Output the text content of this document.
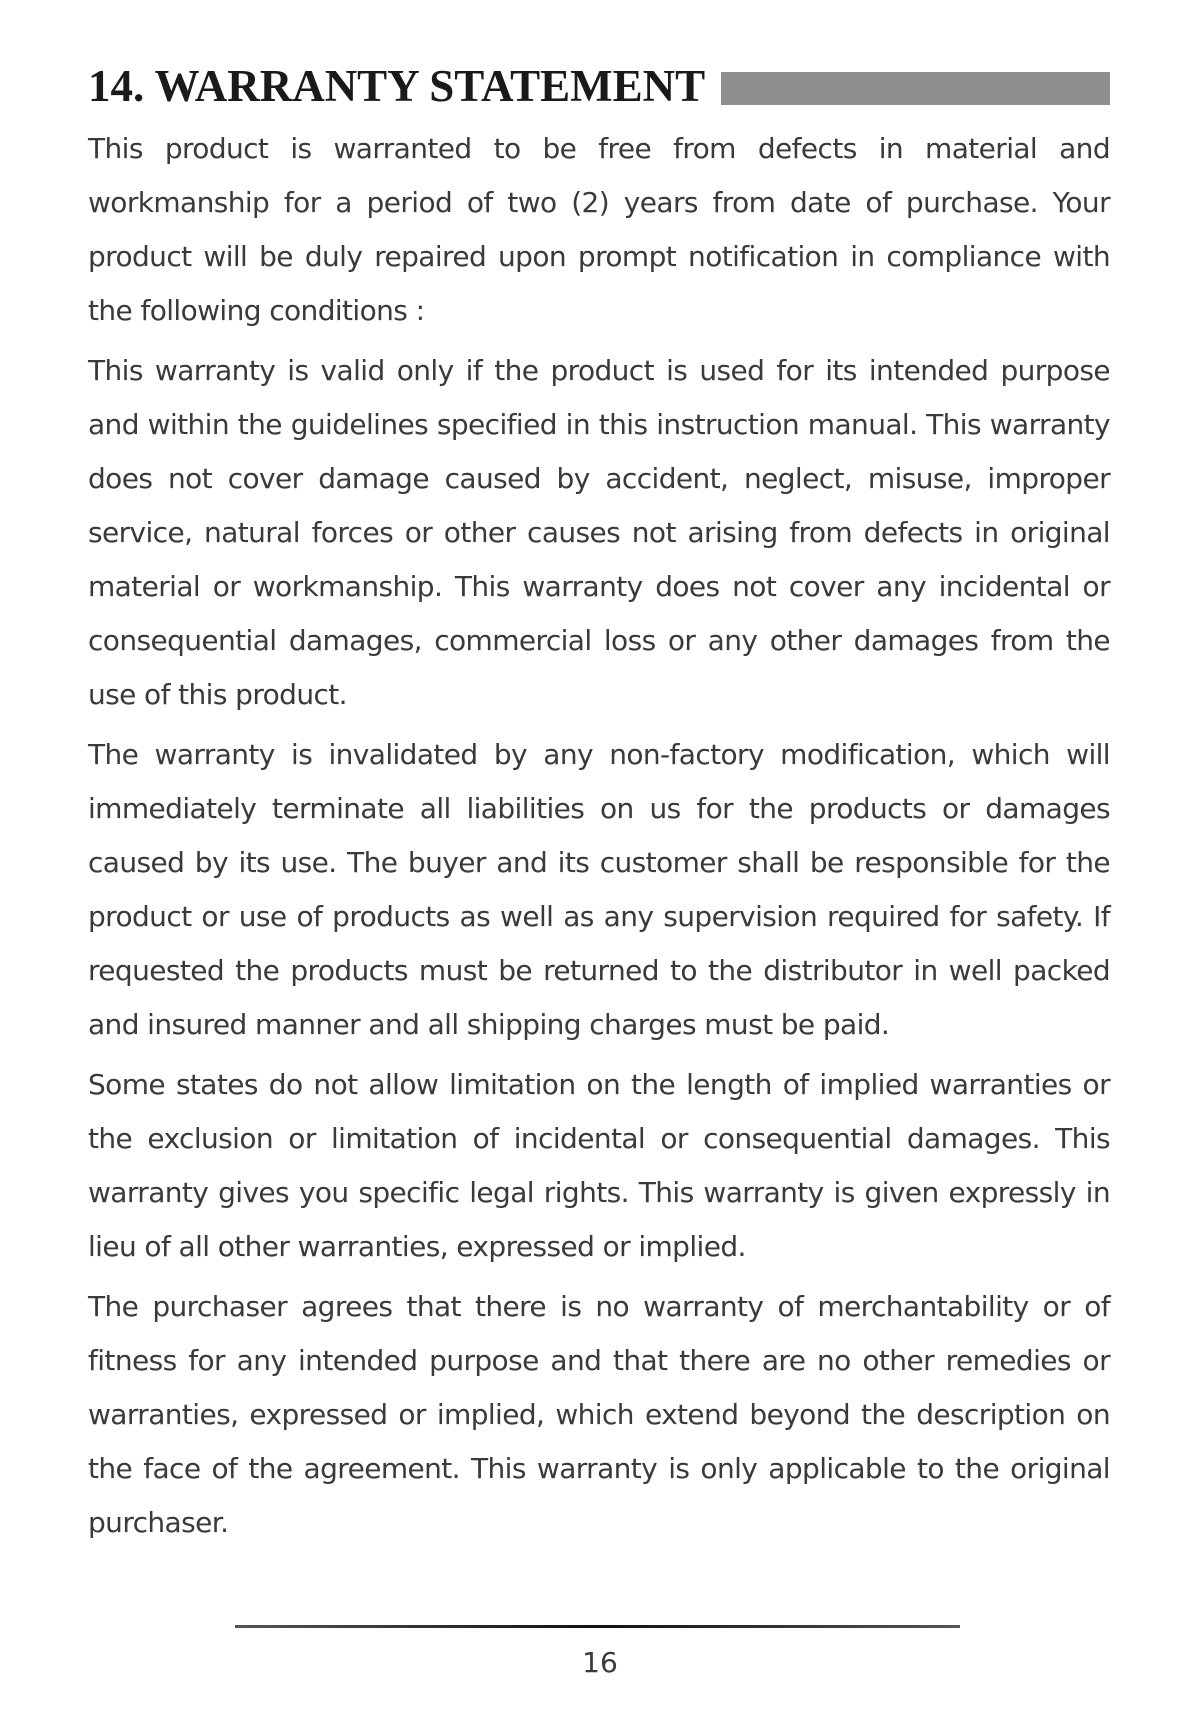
14. WARRANTY STATEMENT

This product is warranted to be free from defects in material and workmanship for a period of two (2) years from date of purchase. Your product will be duly repaired upon prompt notification in compliance with the following conditions :

This warranty is valid only if the product is used for its intended purpose and within the guidelines specified in this instruction manual. This warranty does not cover damage caused by accident, neglect, misuse, improper service, natural forces or other causes not arising from defects in original material or workmanship. This warranty does not cover any incidental or consequential damages, commercial loss or any other damages from the use of this product.

The warranty is invalidated by any non-factory modification, which will immediately terminate all liabilities on us for the products or damages caused by its use. The buyer and its customer shall be responsible for the product or use of products as well as any supervision required for safety. If requested the products must be returned to the distributor in well packed and insured manner and all shipping charges must be paid.

Some states do not allow limitation on the length of implied warranties or the exclusion or limitation of incidental or consequential damages. This warranty gives you specific legal rights. This warranty is given expressly in lieu of all other warranties, expressed or implied.

The purchaser agrees that there is no warranty of merchantability or of fitness for any intended purpose and that there are no other remedies or warranties, expressed or implied, which extend beyond the description on the face of the agreement. This warranty is only applicable to the original purchaser.

16
